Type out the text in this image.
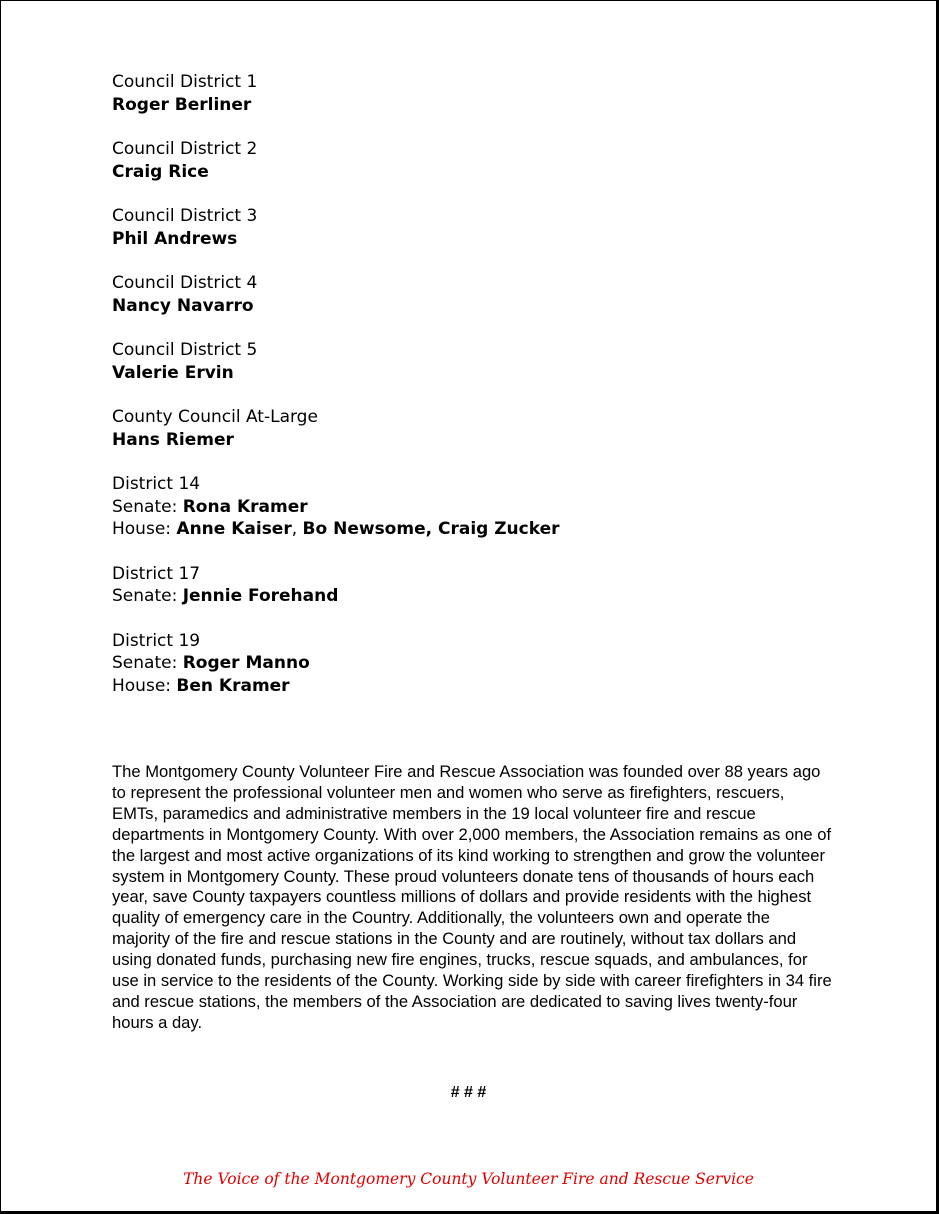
Council District 1
Roger Berliner
Council District 2
Craig Rice
Council District 3
Phil Andrews
Council District 4
Nancy Navarro
Council District 5
Valerie Ervin
County Council At-Large
Hans Riemer
District 14
Senate: Rona Kramer
House: Anne Kaiser, Bo Newsome, Craig Zucker
District 17
Senate: Jennie Forehand
District 19
Senate: Roger Manno
House: Ben Kramer

The Montgomery County Volunteer Fire and Rescue Association was founded over 88 years ago to represent the professional volunteer men and women who serve as firefighters, rescuers, EMTs, paramedics and administrative members in the 19 local volunteer fire and rescue departments in Montgomery County. With over 2,000 members, the Association remains as one of the largest and most active organizations of its kind working to strengthen and grow the volunteer system in Montgomery County. These proud volunteers donate tens of thousands of hours each year, save County taxpayers countless millions of dollars and provide residents with the highest quality of emergency care in the Country. Additionally, the volunteers own and operate the majority of the fire and rescue stations in the County and are routinely, without tax dollars and using donated funds, purchasing new fire engines, trucks, rescue squads, and ambulances, for use in service to the residents of the County. Working side by side with career firefighters in 34 fire and rescue stations, the members of the Association are dedicated to saving lives twenty-four hours a day.

# # #
The Voice of the Montgomery County Volunteer Fire and Rescue Service
